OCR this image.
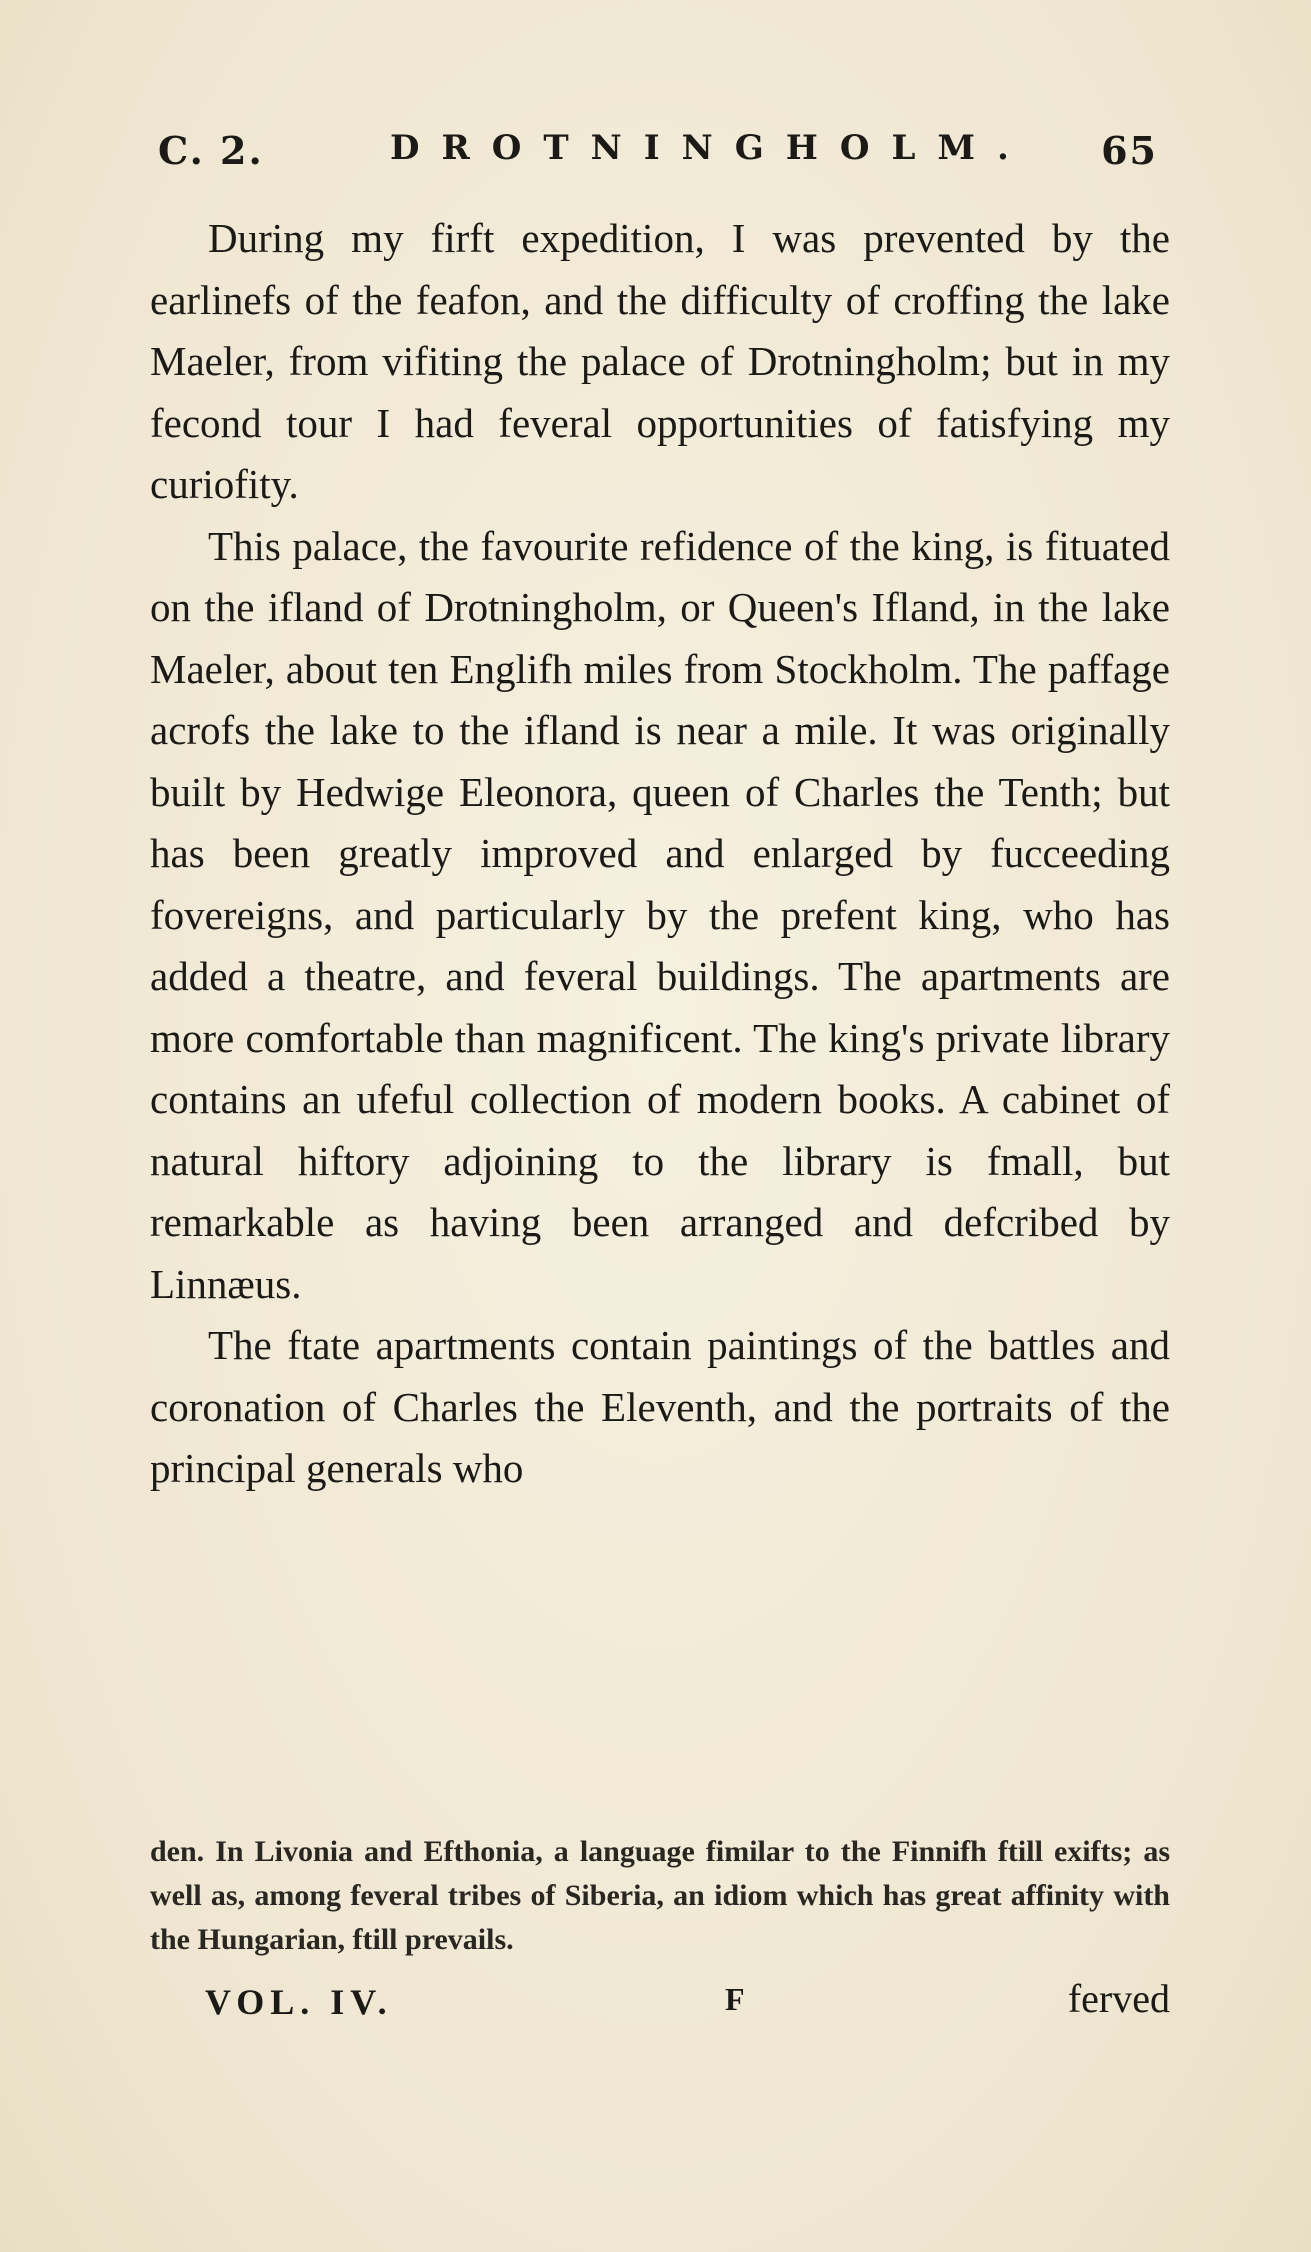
C. 2.	DROTNINGHOLM. 65

During my firft expedition, I was prevented by the earlinefs of the feafon, and the difficulty of croffing the lake Maeler, from vifiting the palace of Drotningholm; but in my fecond tour I had feveral opportunities of fatisfying my curiofity.

This palace, the favourite refidence of the king, is fituated on the ifland of Drotningholm, or Queen's Ifland, in the lake Maeler, about ten Englifh miles from Stockholm. The paffage acrofs the lake to the ifland is near a mile. It was originally built by Hedwige Eleonora, queen of Charles the Tenth; but has been greatly improved and enlarged by fucceeding fovereigns, and particularly by the prefent king, who has added a theatre, and feveral buildings. The apartments are more comfortable than magnificent. The king's private library contains an ufeful collection of modern books. A cabinet of natural hiftory adjoining to the library is fmall, but remarkable as having been arranged and defcribed by Linnæus.

The ftate apartments contain paintings of the battles and coronation of Charles the Eleventh, and the portraits of the principal generals who

den. In Livonia and Efthonia, a language fimilar to the Finnifh ftill exifts; as well as, among feveral tribes of Siberia, an idiom which has great affinity with the Hungarian, ftill prevails.

VOL. IV.	F	ferved
